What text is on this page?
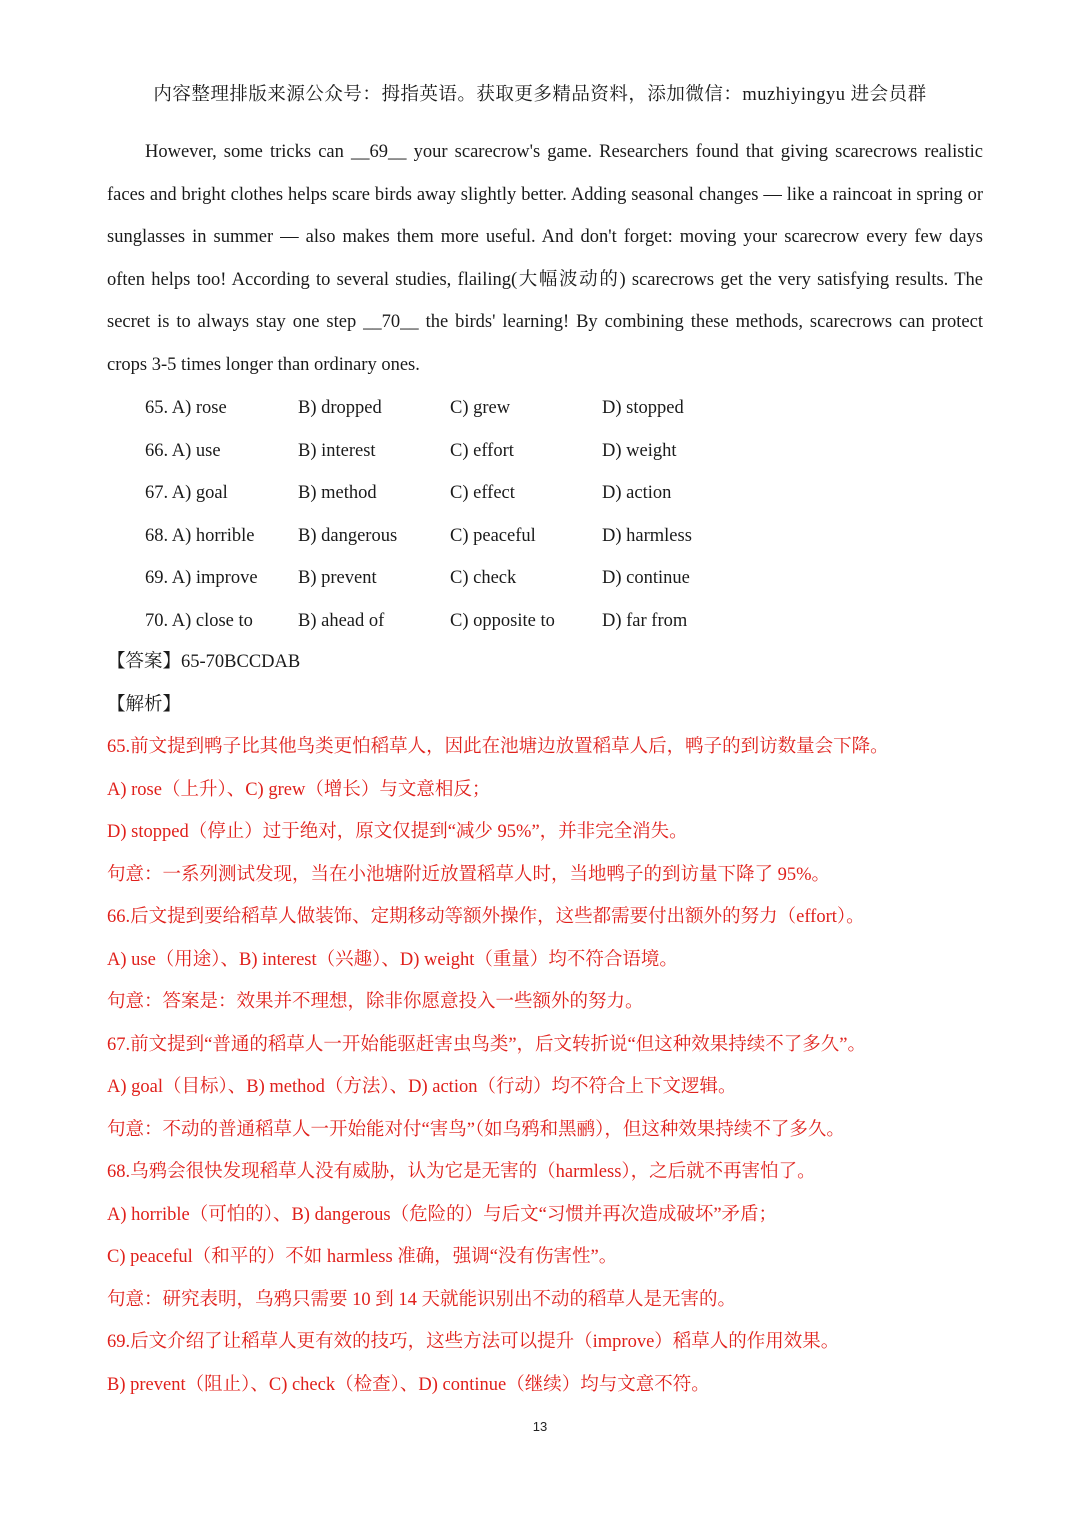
内容整理排版来源公众号：拇指英语。获取更多精品资料，添加微信：muzhiyingyu 进会员群

However, some tricks can __69__ your scarecrow's game. Researchers found that giving scarecrows realistic faces and bright clothes helps scare birds away slightly better. Adding seasonal changes — like a raincoat in spring or sunglasses in summer — also makes them more useful. And don't forget: moving your scarecrow every few days often helps too! According to several studies, flailing(大幅波动的) scarecrows get the very satisfying results. The secret is to always stay one step __70__ the birds' learning! By combining these methods, scarecrows can protect crops 3-5 times longer than ordinary ones.

65. A) rose	B) dropped	C) grew	D) stopped
66. A) use	B) interest	C) effort	D) weight
67. A) goal	B) method	C) effect	D) action
68. A) horrible B) dangerous	C) peaceful	D) harmless
69. A) improve B) prevent	C) check	D) continue
70. A) close to B) ahead of	C) opposite to	D) far from
【答案】65-70BCCDAB
【解析】
65.前文提到鸭子比其他鸟类更怕稻草人，因此在池塘边放置稻草人后，鸭子的到访数量会下降。
A) rose（上升）、C) grew（增长）与文意相反；
D) stopped（停止）过于绝对，原文仅提到“减少 95%”，并非完全消失。
句意：一系列测试发现，当在小池塘附近放置稻草人时，当地鸭子的到访量下降了 95%。
66.后文提到要给稻草人做装饰、定期移动等额外操作，这些都需要付出额外的努力（effort）。
A) use（用途）、B) interest（兴趣）、D) weight（重量）均不符合语境。
句意：答案是：效果并不理想，除非你愿意投入一些额外的努力。
67.前文提到“普通的稻草人一开始能驱赶害虫鸟类”，后文转折说“但这种效果持续不了多久”。
A) goal（目标）、B) method（方法）、D) action（行动）均不符合上下文逻辑。
句意：不动的普通稻草人一开始能对付“害鸟”（如乌鸦和黑鹂），但这种效果持续不了多久。
68.乌鸦会很快发现稻草人没有威胁，认为它是无害的（harmless），之后就不再害怕了。
A) horrible（可怕的）、B) dangerous（危险的）与后文“习惯并再次造成破坏”矛盾；
C) peaceful（和平的）不如 harmless 准确，强调“没有伤害性”。
句意：研究表明，乌鸦只需要 10 到 14 天就能识别出不动的稻草人是无害的。
69.后文介绍了让稻草人更有效的技巧，这些方法可以提升（improve）稻草人的作用效果。
B) prevent（阻止）、C) check（检查）、D) continue（继续）均与文意不符。
13
